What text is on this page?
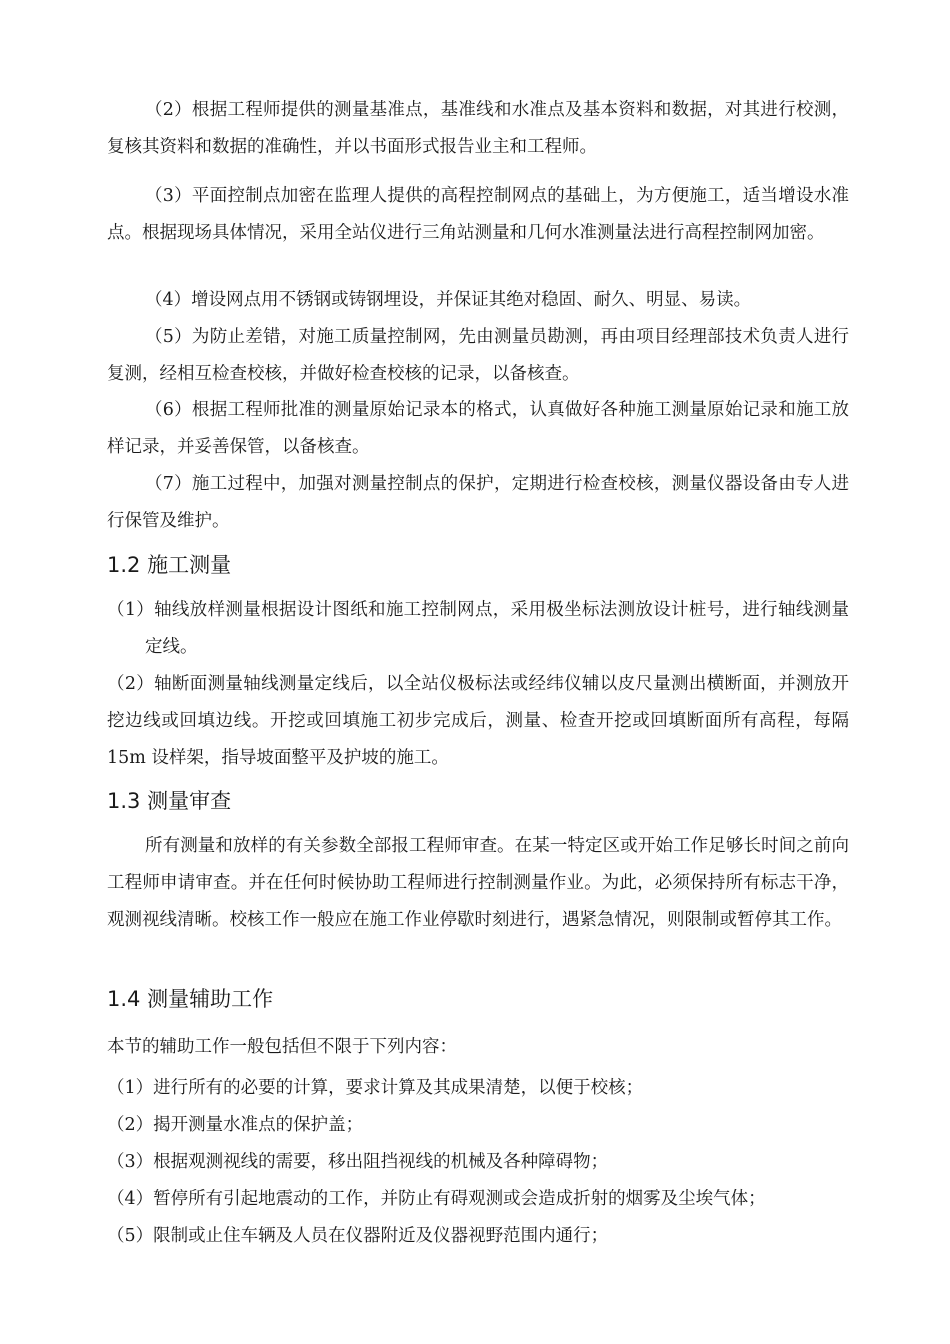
（2）根据工程师提供的测量基准点，基准线和水准点及基本资料和数据，对其进行校测，复核其资料和数据的准确性，并以书面形式报告业主和工程师。

（3）平面控制点加密在监理人提供的高程控制网点的基础上，为方便施工，适当增设水准点。根据现场具体情况，采用全站仪进行三角站测量和几何水准测量法进行高程控制网加密。

（4）增设网点用不锈钢或铸钢埋设，并保证其绝对稳固、耐久、明显、易读。

（5）为防止差错，对施工质量控制网，先由测量员勘测，再由项目经理部技术负责人进行复测，经相互检查校核，并做好检查校核的记录，以备核查。

（6）根据工程师批准的测量原始记录本的格式，认真做好各种施工测量原始记录和施工放样记录，并妥善保管，以备核查。

（7）施工过程中，加强对测量控制点的保护，定期进行检查校核，测量仪器设备由专人进行保管及维护。

1.2 施工测量

（1）轴线放样测量根据设计图纸和施工控制网点，采用极坐标法测放设计桩号，进行轴线测量定线。

（2）轴断面测量轴线测量定线后，以全站仪极标法或经纬仪辅以皮尺量测出横断面，并测放开挖边线或回填边线。开挖或回填施工初步完成后，测量、检查开挖或回填断面所有高程，每隔 15m 设样架，指导坡面整平及护坡的施工。

1.3 测量审查

所有测量和放样的有关参数全部报工程师审查。在某一特定区或开始工作足够长时间之前向工程师申请审查。并在任何时候协助工程师进行控制测量作业。为此，必须保持所有标志干净，观测视线清晰。校核工作一般应在施工作业停歇时刻进行，遇紧急情况，则限制或暂停其工作。

1.4 测量辅助工作

本节的辅助工作一般包括但不限于下列内容：

（1）进行所有的必要的计算，要求计算及其成果清楚，以便于校核；

（2）揭开测量水准点的保护盖；

（3）根据观测视线的需要，移出阻挡视线的机械及各种障碍物；

（4）暂停所有引起地震动的工作，并防止有碍观测或会造成折射的烟雾及尘埃气体；

（5）限制或止住车辆及人员在仪器附近及仪器视野范围内通行；
